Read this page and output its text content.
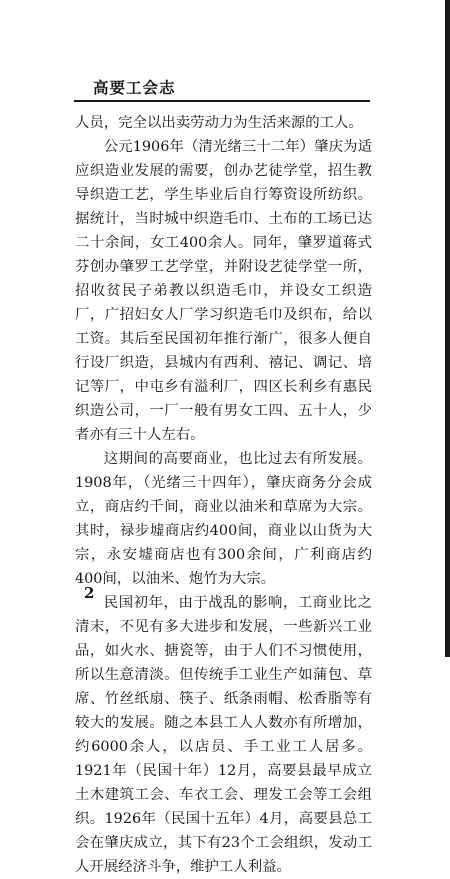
高要工会志

人员，完全以出卖劳动力为生活来源的工人。

公元1906年（清光绪三十二年）肇庆为适应织造业发展的需要，创办艺徒学堂，招生教导织造工艺，学生毕业后自行筹资设所纺织。据统计，当时城中织造毛巾、土布的工场已达二十余间，女工400余人。同年，肇罗道蒋式芬创办肇罗工艺学堂，并附设艺徒学堂一所，招收贫民子弟教以织造毛巾，并设女工织造厂，广招妇女人厂学习织造毛巾及织布，给以工资。其后至民国初年推行渐广，很多人便自行设厂织造，县城内有西利、禧记、调记、培记等厂，中屯乡有溢利厂，四区长利乡有惠民织造公司，一厂一般有男女工四、五十人，少者亦有三十人左右。

这期间的高要商业，也比过去有所发展。1908年，（光绪三十四年），肇庆商务分会成立，商店约千间，商业以油米和草席为大宗。其时，禄步墟商店约400间，商业以山货为大宗，永安墟商店也有300余间，广利商店约400间，以油米、炮竹为大宗。

民国初年，由于战乱的影响，工商业比之清末，不见有多大进步和发展，一些新兴工业品，如火水、搪瓷等，由于人们不习惯使用，所以生意清淡。但传统手工业生产如蒲包、草席、竹丝纸扇、筷子、纸条雨帽、松香脂等有较大的发展。随之本县工人人数亦有所增加，约6000余人，以店员、手工业工人居多。1921年（民国十年）12月，高要县最早成立土木建筑工会、车衣工会、理发工会等工会组织。1926年（民国十五年）4月，高要县总工会在肇庆成立，其下有23个工会组织，发动工人开展经济斗争，维护工人利益。

2
